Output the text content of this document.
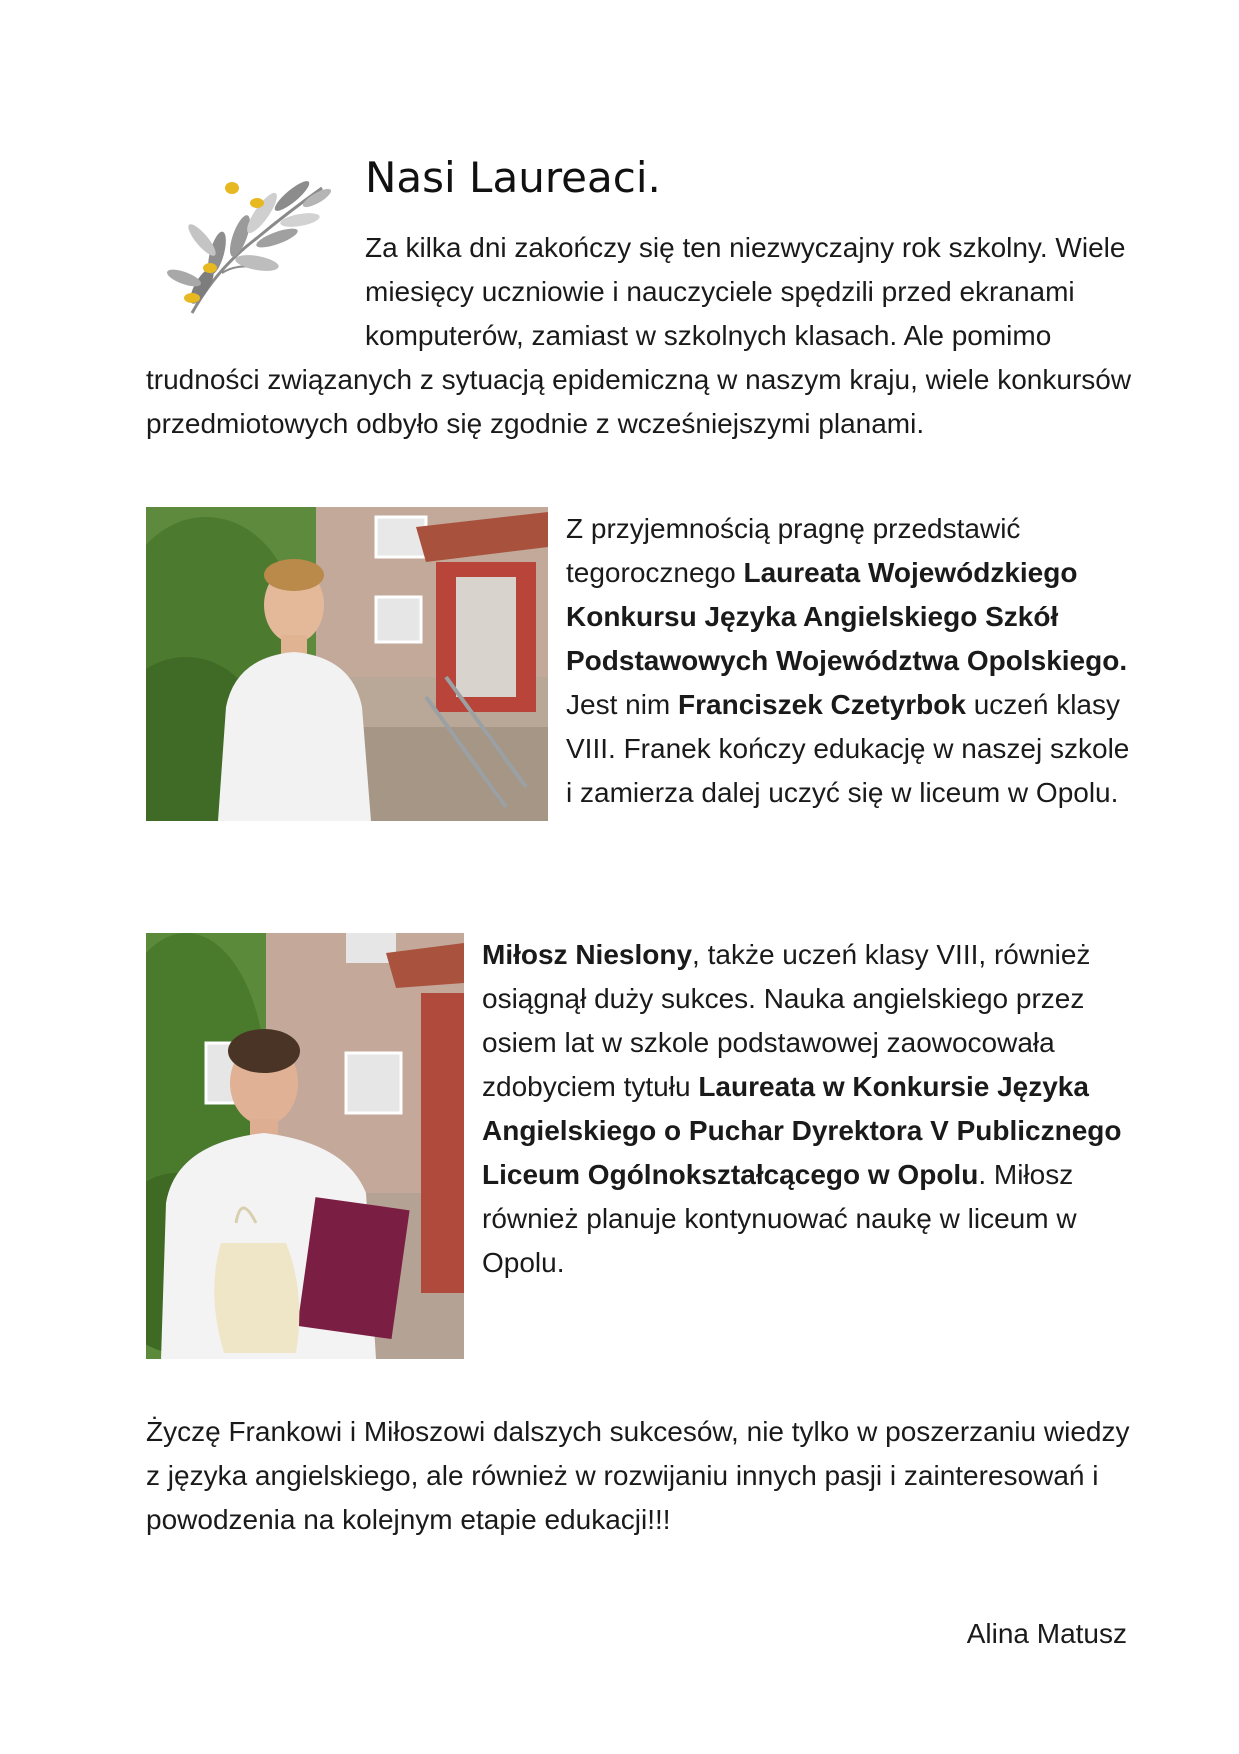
Nasi Laureaci.
Za kilka dni zakończy się ten niezwyczajny rok szkolny. Wiele miesięcy uczniowie i nauczyciele spędzili przed ekranami komputerów, zamiast w szkolnych klasach. Ale pomimo trudności związanych z sytuacją epidemiczną w naszym kraju, wiele konkursów przedmiotowych odbyło się zgodnie z wcześniejszymi planami.
Z przyjemnością pragnę przedstawić tegorocznego Laureata Wojewódzkiego Konkursu Języka Angielskiego Szkół Podstawowych Województwa Opolskiego. Jest nim Franciszek Czetyrbok uczeń klasy VIII. Franek kończy edukację w naszej szkole i zamierza dalej uczyć się w liceum w Opolu.
Miłosz Nieslony, także uczeń klasy VIII, również osiągnął duży sukces. Nauka angielskiego przez osiem lat w szkole podstawowej zaowocowała zdobyciem tytułu Laureata w Konkursie Języka Angielskiego o Puchar Dyrektora V Publicznego Liceum Ogólnokształcącego w Opolu. Miłosz również planuje kontynuować naukę w liceum w Opolu.
Życzę Frankowi i Miłoszowi dalszych sukcesów, nie tylko w poszerzaniu wiedzy z języka angielskiego, ale również w rozwijaniu innych pasji i zainteresowań i powodzenia na kolejnym etapie edukacji!!!
Alina Matusz
